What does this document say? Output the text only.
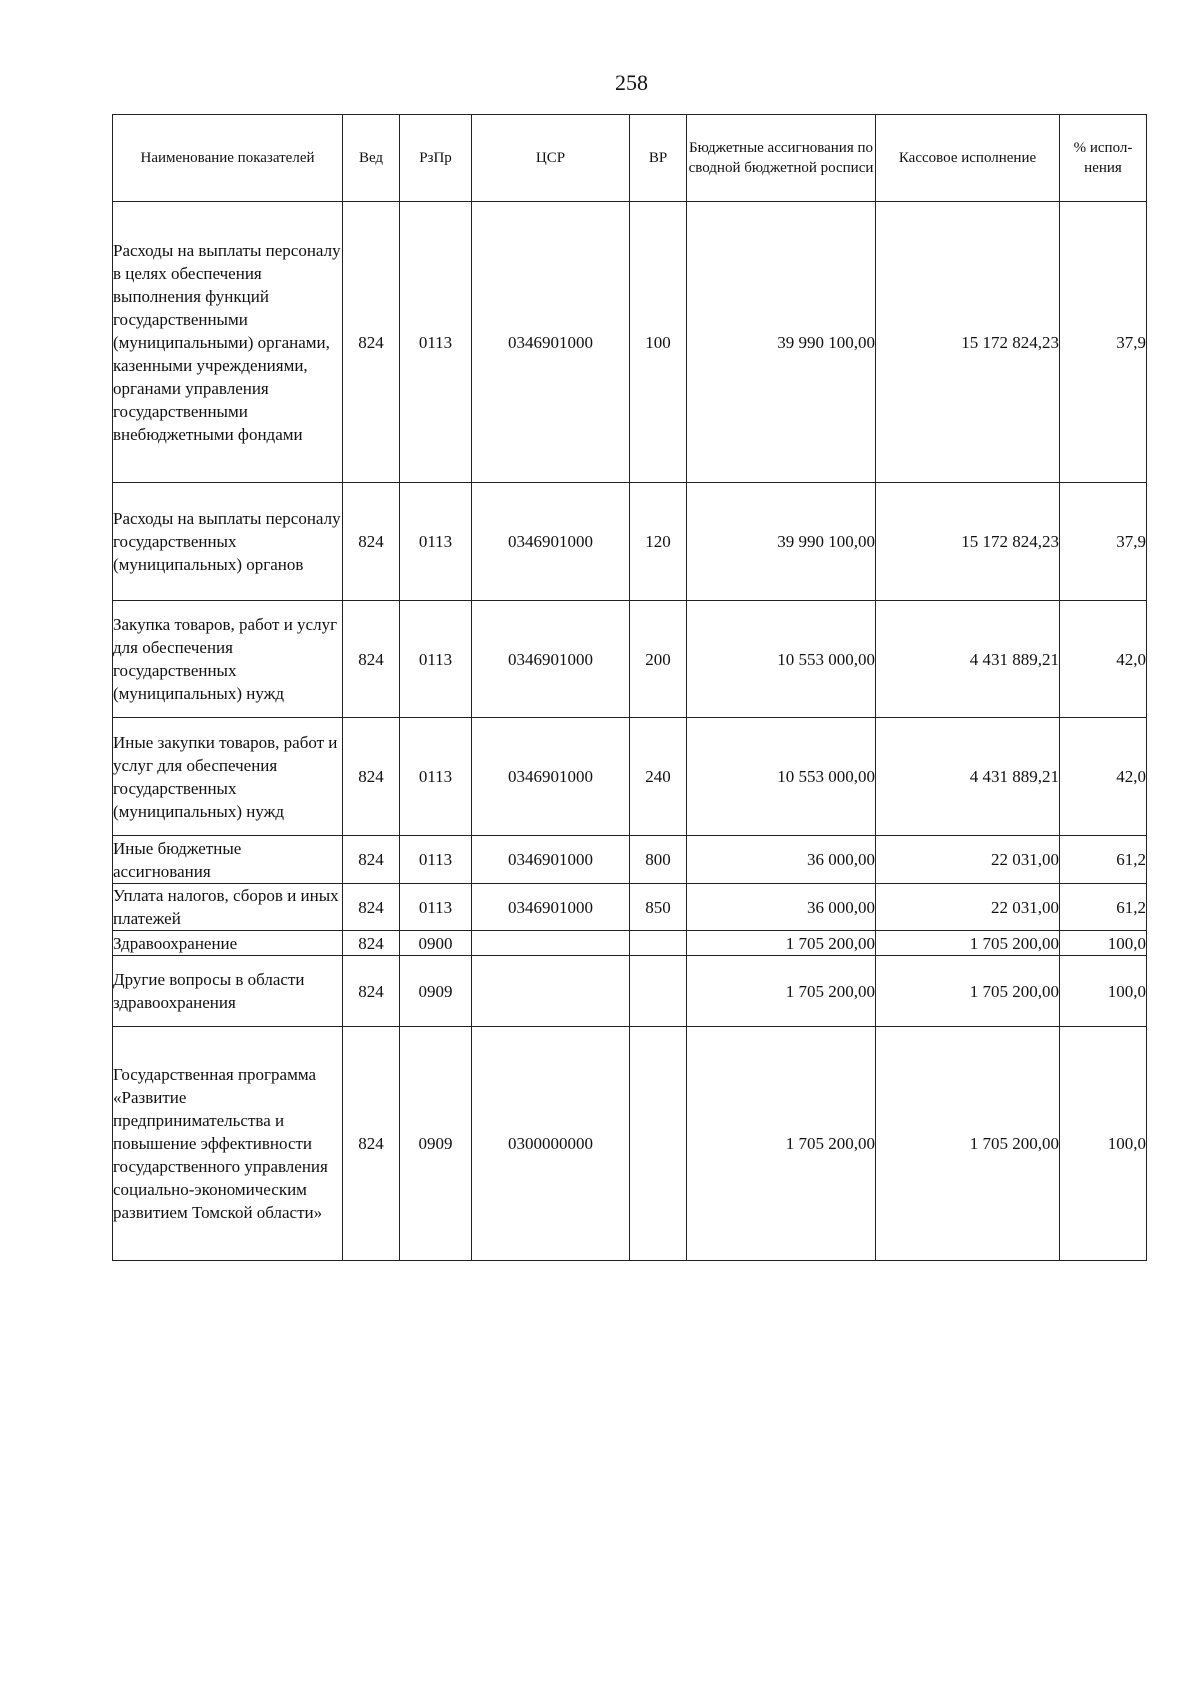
258
Наименование показателей	Вед	РзПр	ЦСР	ВР	Бюджетные ассигнования по сводной бюджетной росписи	Кассовое исполнение	% испол-нения
Расходы на выплаты персоналу в целях обеспечения выполнения функций государственными (муниципальными) органами, казенными учреждениями, органами управления государственными внебюджетными фондами	824	0113	0346901000	100	39 990 100,00	15 172 824,23	37,9
Расходы на выплаты персоналу государственных (муниципальных) органов	824	0113	0346901000	120	39 990 100,00	15 172 824,23	37,9
Закупка товаров, работ и услуг для обеспечения государственных (муниципальных) нужд	824	0113	0346901000	200	10 553 000,00	4 431 889,21	42,0
Иные закупки товаров, работ и услуг для обеспечения государственных (муниципальных) нужд	824	0113	0346901000	240	10 553 000,00	4 431 889,21	42,0
Иные бюджетные ассигнования	824	0113	0346901000	800	36 000,00	22 031,00	61,2
Уплата налогов, сборов и иных платежей	824	0113	0346901000	850	36 000,00	22 031,00	61,2
Здравоохранение	824	0900			1 705 200,00	1 705 200,00	100,0
Другие вопросы в области здравоохранения	824	0909			1 705 200,00	1 705 200,00	100,0
Государственная программа «Развитие предпринимательства и повышение эффективности государственного управления социально-экономическим развитием Томской области»	824	0909	0300000000		1 705 200,00	1 705 200,00	100,0
